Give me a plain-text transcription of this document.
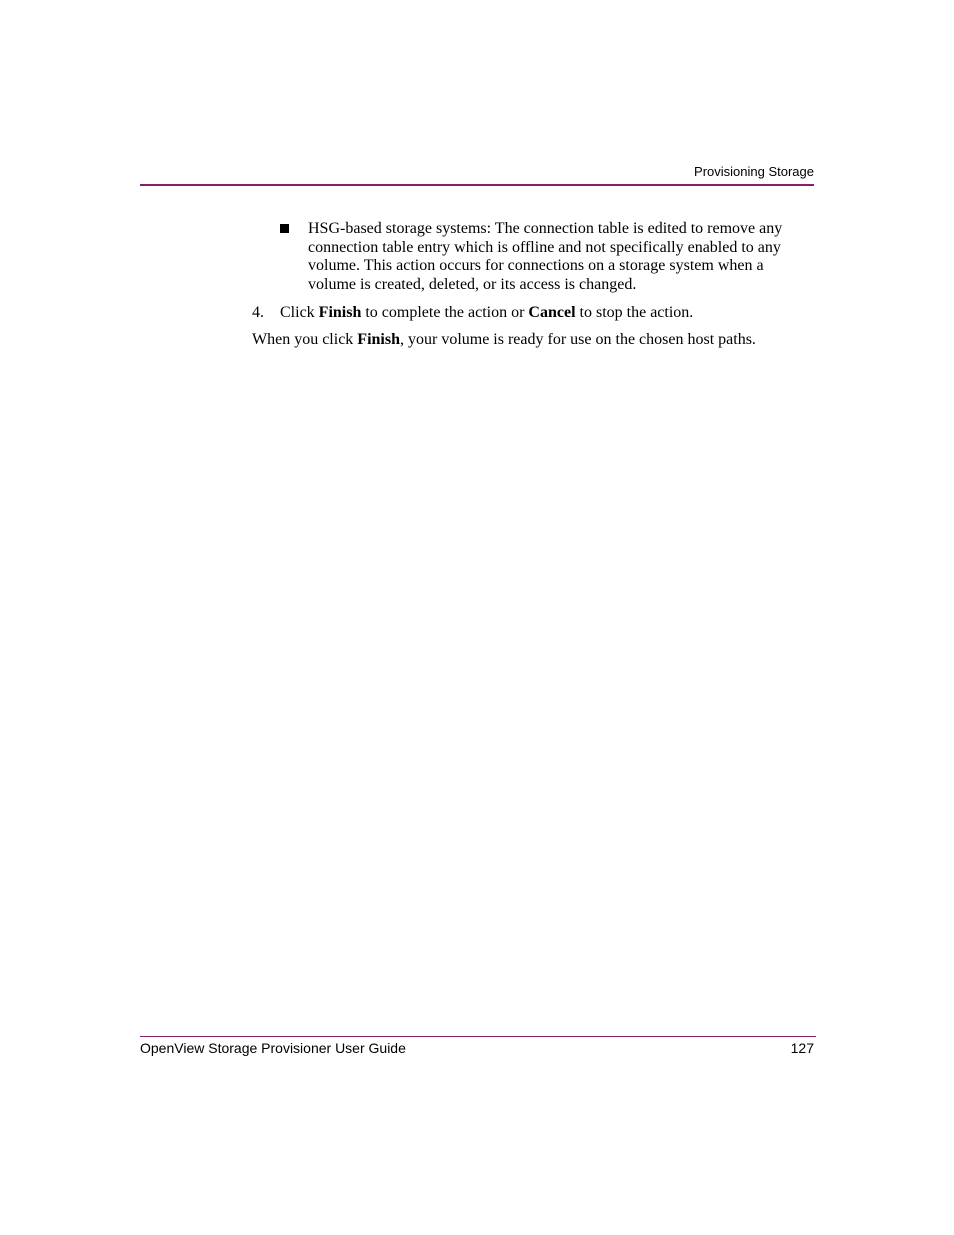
Provisioning Storage
HSG-based storage systems: The connection table is edited to remove any connection table entry which is offline and not specifically enabled to any volume. This action occurs for connections on a storage system when a volume is created, deleted, or its access is changed.
4. Click Finish to complete the action or Cancel to stop the action.
When you click Finish, your volume is ready for use on the chosen host paths.
OpenView Storage Provisioner User Guide	127
